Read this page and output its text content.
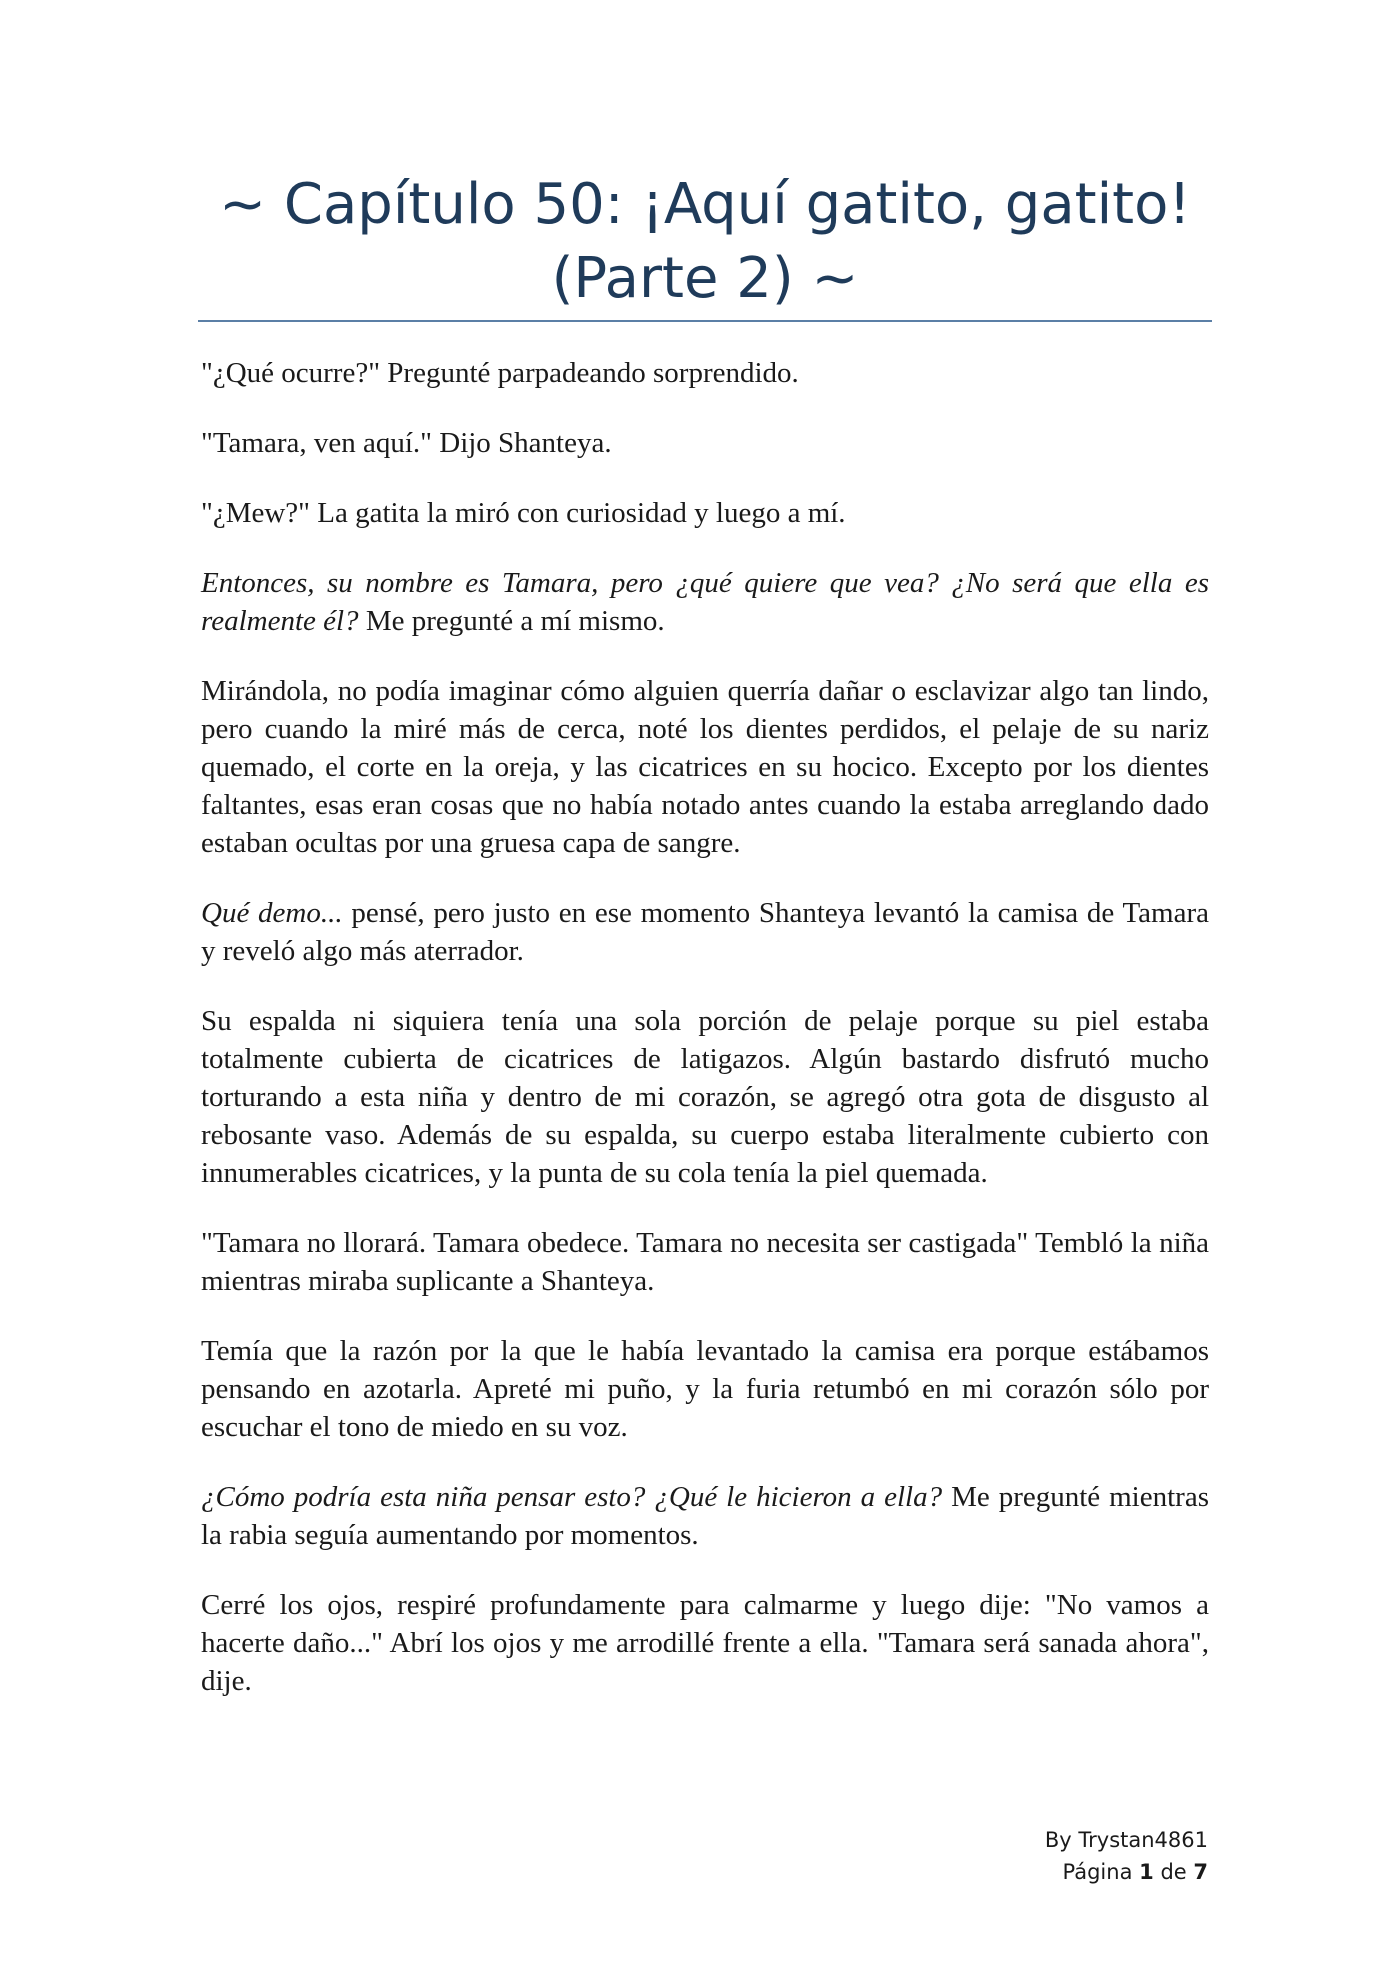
~ Capítulo 50: ¡Aquí gatito, gatito!
(Parte 2) ~

"¿Qué ocurre?" Pregunté parpadeando sorprendido.

"Tamara, ven aquí." Dijo Shanteya.

"¿Mew?" La gatita la miró con curiosidad y luego a mí.

Entonces, su nombre es Tamara, pero ¿qué quiere que vea? ¿No será que ella es realmente él? Me pregunté a mí mismo.

Mirándola, no podía imaginar cómo alguien querría dañar o esclavizar algo tan lindo, pero cuando la miré más de cerca, noté los dientes perdidos, el pelaje de su nariz quemado, el corte en la oreja, y las cicatrices en su hocico. Excepto por los dientes faltantes, esas eran cosas que no había notado antes cuando la estaba arreglando dado estaban ocultas por una gruesa capa de sangre.

Qué demo... pensé, pero justo en ese momento Shanteya levantó la camisa de Tamara y reveló algo más aterrador.

Su espalda ni siquiera tenía una sola porción de pelaje porque su piel estaba totalmente cubierta de cicatrices de latigazos. Algún bastardo disfrutó mucho torturando a esta niña y dentro de mi corazón, se agregó otra gota de disgusto al rebosante vaso. Además de su espalda, su cuerpo estaba literalmente cubierto con innumerables cicatrices, y la punta de su cola tenía la piel quemada.

"Tamara no llorará. Tamara obedece. Tamara no necesita ser castigada" Tembló la niña mientras miraba suplicante a Shanteya.

Temía que la razón por la que le había levantado la camisa era porque estábamos pensando en azotarla. Apreté mi puño, y la furia retumbó en mi corazón sólo por escuchar el tono de miedo en su voz.

¿Cómo podría esta niña pensar esto? ¿Qué le hicieron a ella? Me pregunté mientras la rabia seguía aumentando por momentos.

Cerré los ojos, respiré profundamente para calmarme y luego dije: "No vamos a hacerte daño..." Abrí los ojos y me arrodillé frente a ella. "Tamara será sanada ahora", dije.

By Trystan4861
Página 1 de 7
